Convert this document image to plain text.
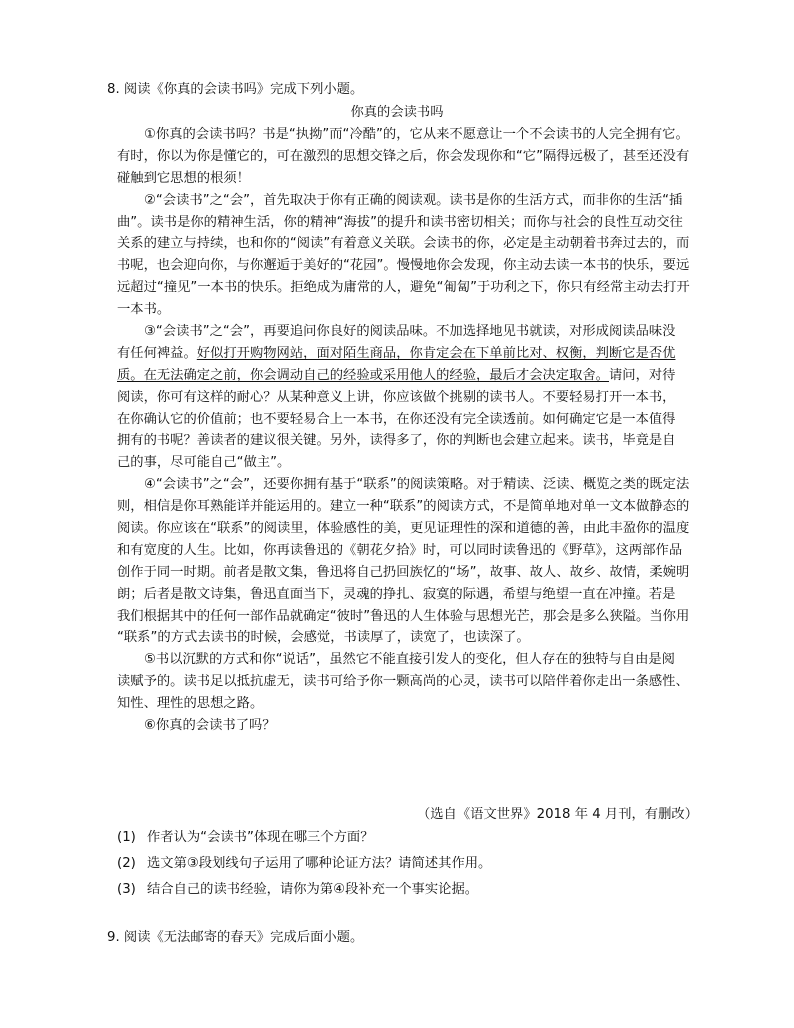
8. 阅读《你真的会读书吗》完成下列小题。
你真的会读书吗
①你真的会读书吗？书是“执拗”而“冷酷”的，它从来不愿意让一个不会读书的人完全拥有它。
有时，你以为你是懂它的，可在激烈的思想交锋之后，你会发现你和“它”隔得远极了，甚至还没有
碰触到它思想的根须！
②“会读书”之“会”，首先取决于你有正确的阅读观。读书是你的生活方式，而非你的生活“插
曲”。读书是你的精神生活，你的精神“海拔”的提升和读书密切相关；而你与社会的良性互动交往
关系的建立与持续，也和你的“阅读”有着意义关联。会读书的你，必定是主动朝着书奔过去的，而
书呢，也会迎向你，与你邂逅于美好的“花园”。慢慢地你会发现，你主动去读一本书的快乐，要远
远超过“撞见”一本书的快乐。拒绝成为庸常的人，避免“匍匐”于功利之下，你只有经常主动去打开
一本书。
③“会读书”之“会”，再要追问你良好的阅读品味。不加选择地见书就读，对形成阅读品味没
有任何裨益。好似打开购物网站，面对陌生商品，你肯定会在下单前比对、权衡，判断它是否优
质。在无法确定之前，你会调动自己的经验或采用他人的经验，最后才会决定取舍。请问，对待
阅读，你可有这样的耐心？从某种意义上讲，你应该做个挑剔的读书人。不要轻易打开一本书，
在你确认它的价值前；也不要轻易合上一本书，在你还没有完全读透前。如何确定它是一本值得
拥有的书呢？善读者的建议很关键。另外，读得多了，你的判断也会建立起来。读书，毕竟是自
己的事，尽可能自己“做主”。
④“会读书”之“会”，还要你拥有基于“联系”的阅读策略。对于精读、泛读、概览之类的既定法
则，相信是你耳熟能详并能运用的。建立一种“联系”的阅读方式，不是简单地对单一文本做静态的
阅读。你应该在“联系”的阅读里，体验感性的美，更见证理性的深和道德的善，由此丰盈你的温度
和有宽度的人生。比如，你再读鲁迅的《朝花夕拾》时，可以同时读鲁迅的《野草》，这两部作品
创作于同一时期。前者是散文集，鲁迅将自己扔回族忆的“场”，故事、故人、故乡、故情，柔婉明
朗；后者是散文诗集，鲁迅直面当下，灵魂的挣扎、寂寞的际遇，希望与绝望一直在冲撞。若是
我们根据其中的任何一部作品就确定“彼时”鲁迅的人生体验与思想光芒，那会是多么狭隘。当你用
“联系”的方式去读书的时候，会感觉，书读厚了，读宽了，也读深了。
⑤书以沉默的方式和你“说话”，虽然它不能直接引发人的变化，但人存在的独特与自由是阅
读赋予的。读书足以抵抗虚无，读书可给予你一颗高尚的心灵，读书可以陪伴着你走出一条感性、
知性、理性的思想之路。
⑥你真的会读书了吗？
（选自《语文世界》2018 年 4 月刊，有删改）
(1) 作者认为“会读书”体现在哪三个方面？
(2) 选文第③段划线句子运用了哪种论证方法？请简述其作用。
(3) 结合自己的读书经验，请你为第④段补充一个事实论据。
9. 阅读《无法邮寄的春天》完成后面小题。
